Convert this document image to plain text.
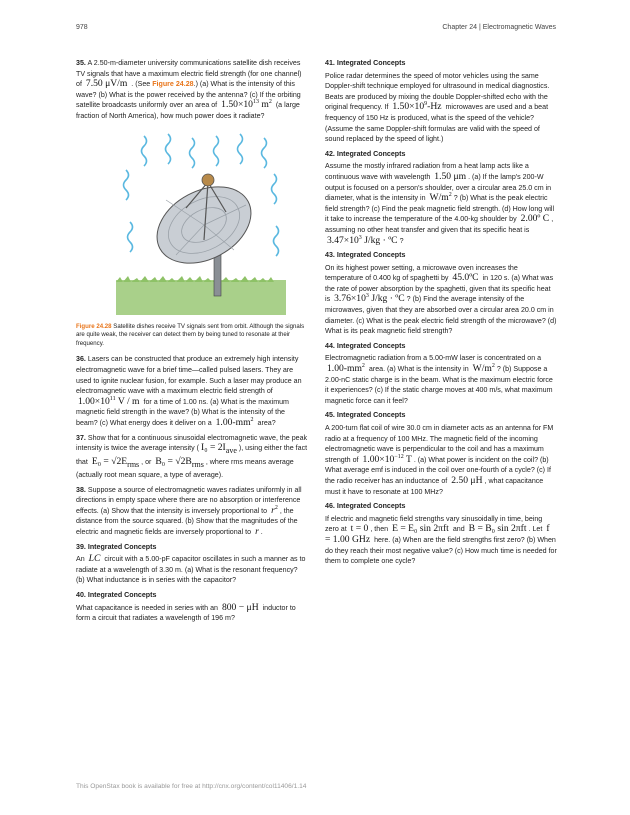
978	Chapter 24 | Electromagnetic Waves

35. A 2.50-m-diameter university communications satellite dish receives TV signals that have a maximum electric field strength (for one channel) of 7.50 μV/m . (See Figure 24.28.) (a) What is the intensity of this wave? (b) What is the power received by the antenna? (c) If the orbiting satellite broadcasts uniformly over an area of $1.50\times 10^{13}$ $m^2$ (a large fraction of North America), how much power does it radiate?

Figure 24.28 Satellite dishes receive TV signals sent from orbit. Although the signals are quite weak, the receiver can detect them by being tuned to resonate at their frequency.

36. Lasers can be constructed that produce an extremely high intensity electromagnetic wave for a brief time—called pulsed lasers. They are used to ignite nuclear fusion, for example. Such a laser may produce an electromagnetic wave with a maximum electric field strength of $1.00\times 10^{11}$ V / m for a time of 1.00 ns. (a) What is the maximum magnetic field strength in the wave? (b) What is the intensity of the beam? (c) What energy does it deliver on a $1.00-mm^2$ area?

37. Show that for a continuous sinusoidal electromagnetic wave, the peak intensity is twice the average intensity ( $I_0 = 2I_{ave}$ ), using either the fact that $E_0 = √2E_{rms}$ , or $B_0 = √2B_{rms}$ , where rms means average (actually root mean square, a type of average).

38. Suppose a source of electromagnetic waves radiates uniformly in all directions in empty space where there are no absorption or interference effects. (a) Show that the intensity is inversely proportional to $r^2$ , the distance from the source squared. (b) Show that the magnitudes of the electric and magnetic fields are inversely proportional to r .

39. Integrated Concepts

An LC circuit with a 5.00-pF capacitor oscillates in such a manner as to radiate at a wavelength of 3.30 m. (a) What is the resonant frequency? (b) What inductance is in series with the capacitor?

40. Integrated Concepts

What capacitance is needed in series with an 800 − μH inductor to form a circuit that radiates a wavelength of 196 m?

41. Integrated Concepts

Police radar determines the speed of motor vehicles using the same Doppler-shift technique employed for ultrasound in medical diagnostics. Beats are produced by mixing the double Doppler-shifted echo with the original frequency. If $1.50\times 10^9-Hz$ microwaves are used and a beat frequency of 150 Hz is produced, what is the speed of the vehicle? (Assume the same Doppler-shift formulas are valid with the speed of sound replaced by the speed of light.)

42. Integrated Concepts

Assume the mostly infrared radiation from a heat lamp acts like a continuous wave with wavelength 1.50 μm . (a) If the lamp's 200-W output is focused on a person's shoulder, over a circular area 25.0 cm in diameter, what is the intensity in $W/m^2$ ? (b) What is the peak electric field strength? (c) Find the peak magnetic field strength. (d) How long will it take to increase the temperature of the 4.00-kg shoulder by 2.00º C , assuming no other heat transfer and given that its specific heat is $3.47\times 10^3$ J/kg · ºC ?

43. Integrated Concepts

On its highest power setting, a microwave oven increases the temperature of 0.400 kg of spaghetti by 45.0ºC in 120 s. (a) What was the rate of power absorption by the spaghetti, given that its specific heat is $3.76\times 10^3$ J/kg · ºC ? (b) Find the average intensity of the microwaves, given that they are absorbed over a circular area 20.0 cm in diameter. (c) What is the peak electric field strength of the microwave? (d) What is its peak magnetic field strength?

44. Integrated Concepts

Electromagnetic radiation from a 5.00-mW laser is concentrated on a $1.00-mm^2$ area. (a) What is the intensity in $W/m^2$ ? (b) Suppose a 2.00-nC static charge is in the beam. What is the maximum electric force it experiences? (c) If the static charge moves at 400 m/s, what maximum magnetic force can it feel?

45. Integrated Concepts

A 200-turn flat coil of wire 30.0 cm in diameter acts as an antenna for FM radio at a frequency of 100 MHz. The magnetic field of the incoming electromagnetic wave is perpendicular to the coil and has a maximum strength of $1.00\times 10^{-12}$ T . (a) What power is incident on the coil? (b) What average emf is induced in the coil over one-fourth of a cycle? (c) If the radio receiver has an inductance of 2.50 μH , what capacitance must it have to resonate at 100 MHz?

46. Integrated Concepts

If electric and magnetic field strengths vary sinusoidally in time, being zero at t = 0 , then E = E₀ sin 2πft and B = B₀ sin 2πft . Let f = 1.00 GHz here. (a) When are the field strengths first zero? (b) When do they reach their most negative value? (c) How much time is needed for them to complete one cycle?

This OpenStax book is available for free at http://cnx.org/content/col11406/1.14
